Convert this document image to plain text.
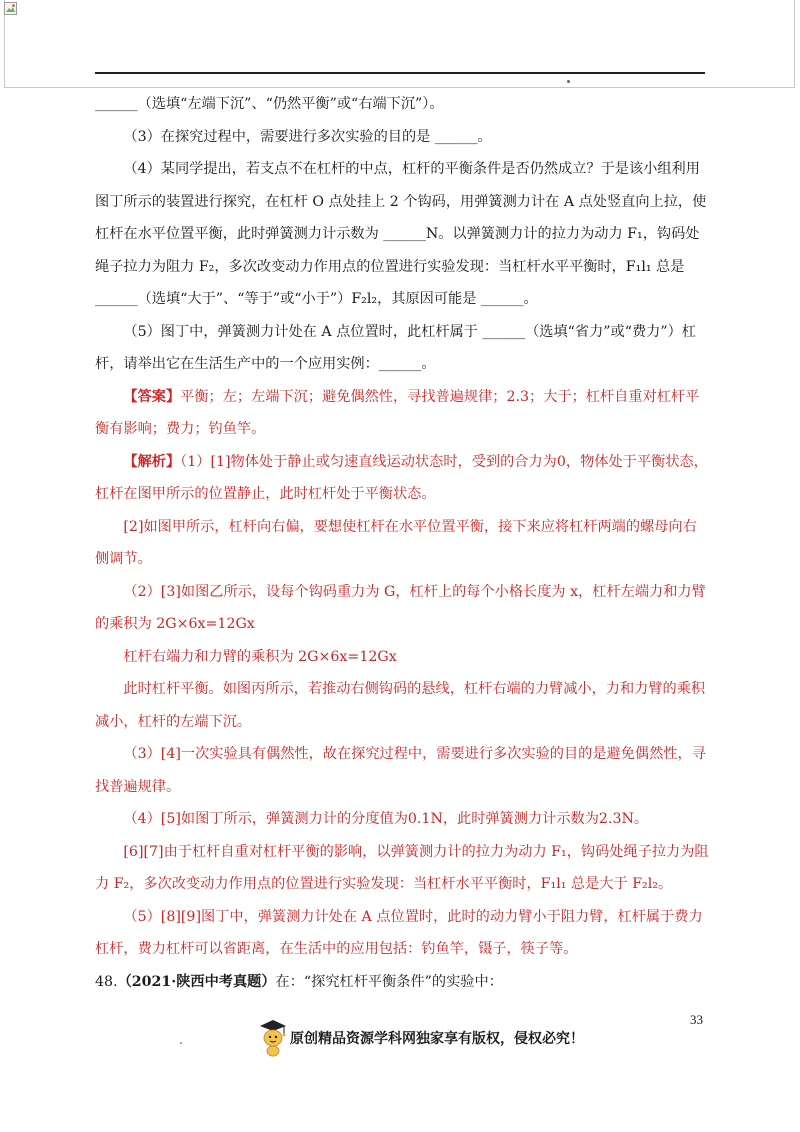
______（选填“左端下沉”、“仍然平衡”或“右端下沉”）。

（3）在探究过程中，需要进行多次实验的目的是 ______。

（4）某同学提出，若支点不在杠杆的中点，杠杆的平衡条件是否仍然成立？于是该小组利用图丁所示的装置进行探究，在杠杆 O 点处挂上 2 个钩码，用弹簧测力计在 A 点处竖直向上拉，使杠杆在水平位置平衡，此时弹簧测力计示数为 ______N。以弹簧测力计的拉力为动力 F₁，钩码处绳子拉力为阻力 F₂，多次改变动力作用点的位置进行实验发现：当杠杆水平平衡时，F₁l₁ 总是 ______（选填“大于”、“等于”或“小于”）F₂l₂，其原因可能是 ______。

（5）图丁中，弹簧测力计处在 A 点位置时，此杠杆属于 ______（选填“省力”或“费力”）杠杆，请举出它在生活生产中的一个应用实例：______。

【答案】平衡；左；左端下沉；避免偶然性，寻找普遍规律；2.3；大于；杠杆自重对杠杆平衡有影响；费力；钓鱼竿。

【解析】（1）[1]物体处于静止或匀速直线运动状态时，受到的合力为0，物体处于平衡状态，杠杆在图甲所示的位置静止，此时杠杆处于平衡状态。

[2]如图甲所示，杠杆向右偏，要想使杠杆在水平位置平衡，接下来应将杠杆两端的螺母向右侧调节。

（2）[3]如图乙所示，设每个钩码重力为 G，杠杆上的每个小格长度为 x，杠杆左端力和力臂的乘积为 2G×6x=12Gx

杠杆右端力和力臂的乘积为 2G×6x=12Gx

此时杠杆平衡。如图丙所示，若推动右侧钩码的悬线，杠杆右端的力臂减小，力和力臂的乘积减小，杠杆的左端下沉。

（3）[4]一次实验具有偶然性，故在探究过程中，需要进行多次实验的目的是避免偶然性，寻找普遍规律。

（4）[5]如图丁所示，弹簧测力计的分度值为0.1N，此时弹簧测力计示数为2.3N。

[6][7]由于杠杆自重对杠杆平衡的影响，以弹簧测力计的拉力为动力 F₁，钩码处绳子拉力为阻力 F₂，多次改变动力作用点的位置进行实验发现：当杠杆水平平衡时，F₁l₁ 总是大于 F₂l₂。

（5）[8][9]图丁中，弹簧测力计处在 A 点位置时，此时的动力臂小于阻力臂，杠杆属于费力杠杆，费力杠杆可以省距离，在生活中的应用包括：钓鱼竿，镊子，筷子等。

48.（2021·陕西中考真题）在：“探究杠杆平衡条件”的实验中：

33
原创精品资源学科网独家享有版权，侵权必究！
